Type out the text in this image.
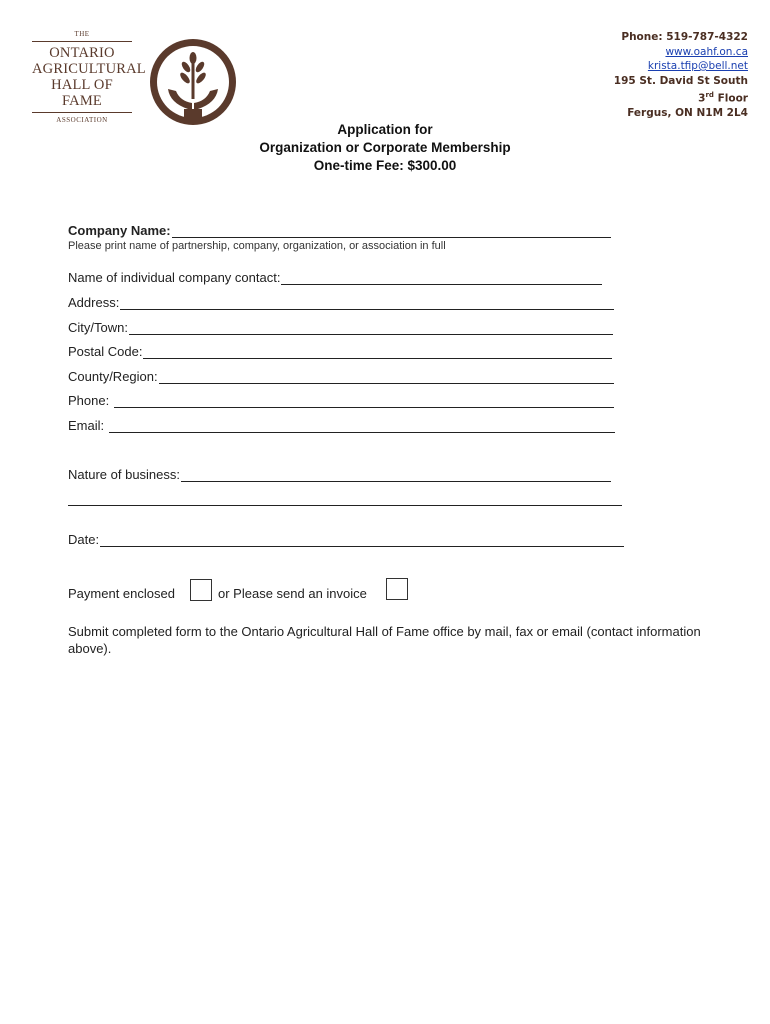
THE
ONTARIO
AGRICULTURAL
HALL OF FAME
ASSOCIATION
Phone: 519-787-4322
www.oahf.on.ca
krista.tfip@bell.net
195 St. David St South
3rd Floor
Fergus, ON N1M 2L4
Application for
Organization or Corporate Membership
One-time Fee: $300.00
Company Name:
Please print name of partnership, company, organization, or association in full
Name of individual company contact:
Address:
City/Town:
Postal Code:
County/Region:
Phone:
Email:
Nature of business:
Date:
Payment enclosed	or Please send an invoice
Submit completed form to the Ontario Agricultural Hall of Fame office by mail, fax or email (contact information above).
